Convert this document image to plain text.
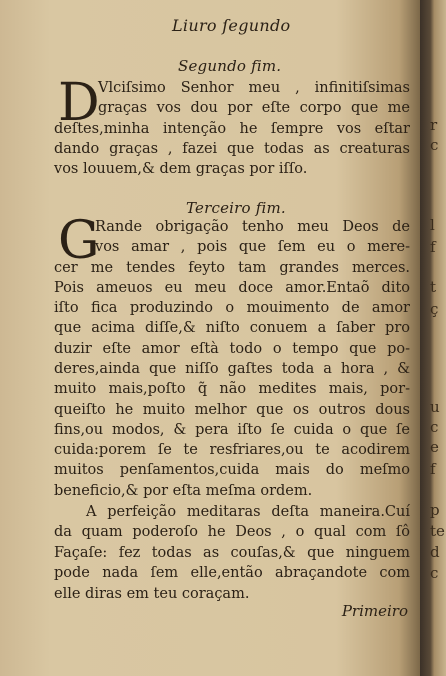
Liuro ſegundo
Segundo fim.
D
Vlciſsimo Senhor meu , infinitiſsimas
graças vos dou por eſte corpo que me
deſtes,minha intenção he ſempre vos eſtar
dando graças , fazei que todas as creaturas
vos louuem,& dem graças por iſſo.
Terceiro fim.
G
Rande obrigação tenho meu Deos de
vos amar , pois que ſem eu o mere-
cer me tendes feyto tam grandes merces.
Pois ameuos eu meu doce amor.Entaõ dito
iſto fica produzindo o mouimento de amor
que acima diſſe,& niſto conuem a ſaber pro
duzir eſte amor eſtà todo o tempo que po-
deres,ainda que niſſo gaſtes toda a hora , &
muito mais,poſto q̃ não medites mais, por-
queiſto he muito melhor que os outros dous
fins,ou modos, & pera iſto ſe cuida o que ſe
cuida:porem ſe te resfriares,ou te acodirem
muitos penſamentos,cuida mais do meſmo
beneficio,& por eſta meſma ordem.
A perfeição meditaras deſta maneira.Cuí
da quam poderoſo he Deos , o qual com ſô
Façaſe: fez todas as couſas,& que ninguem
pode nada ſem elle,então abraçandote com
elle diras em teu coraçam.
Primeiro
r
c
l
f
t
ç
u
c
e
f
p
te
d
c
